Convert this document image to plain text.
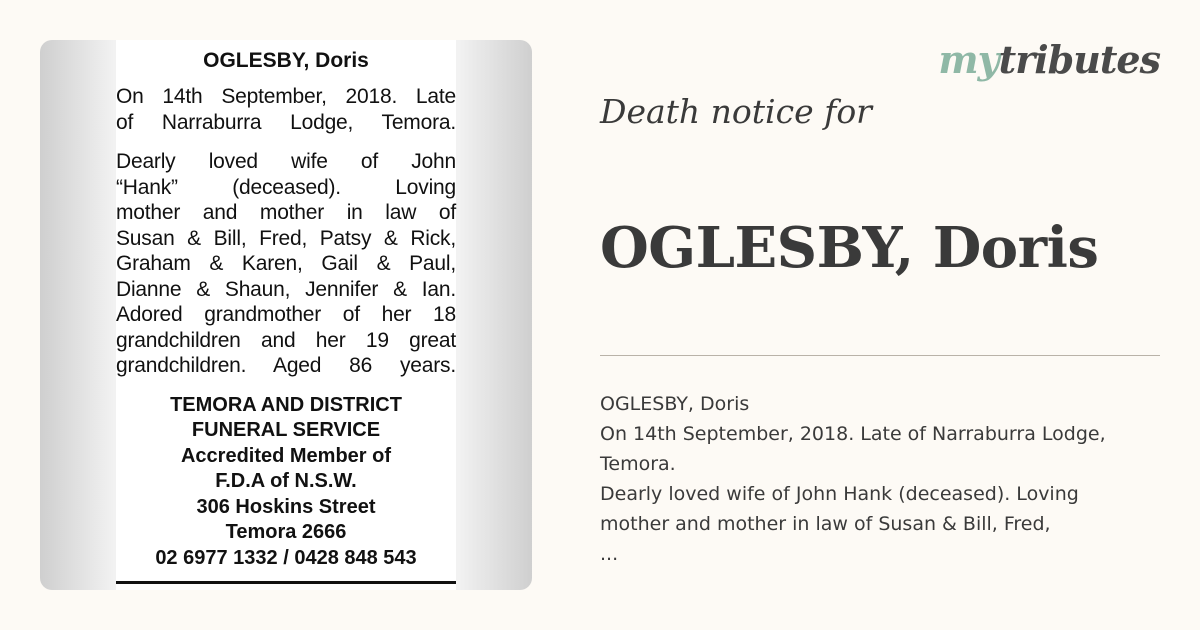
OGLESBY, Doris
On 14th September, 2018. Late
of Narraburra Lodge, Temora.
Dearly loved wife of John
“Hank” (deceased). Loving
mother and mother in law of
Susan & Bill, Fred, Patsy & Rick,
Graham & Karen, Gail & Paul,
Dianne & Shaun, Jennifer & Ian.
Adored grandmother of her 18
grandchildren and her 19 great
grandchildren. Aged 86 years.
TEMORA AND DISTRICT
FUNERAL SERVICE
Accredited Member of
F.D.A of N.S.W.
306 Hoskins Street
Temora 2666
02 6977 1332 / 0428 848 543
mytributes
Death notice for
OGLESBY, Doris
OGLESBY, Doris
On 14th September, 2018. Late of Narraburra Lodge,
Temora.
Dearly loved wife of John Hank (deceased). Loving
mother and mother in law of Susan & Bill, Fred,
...
